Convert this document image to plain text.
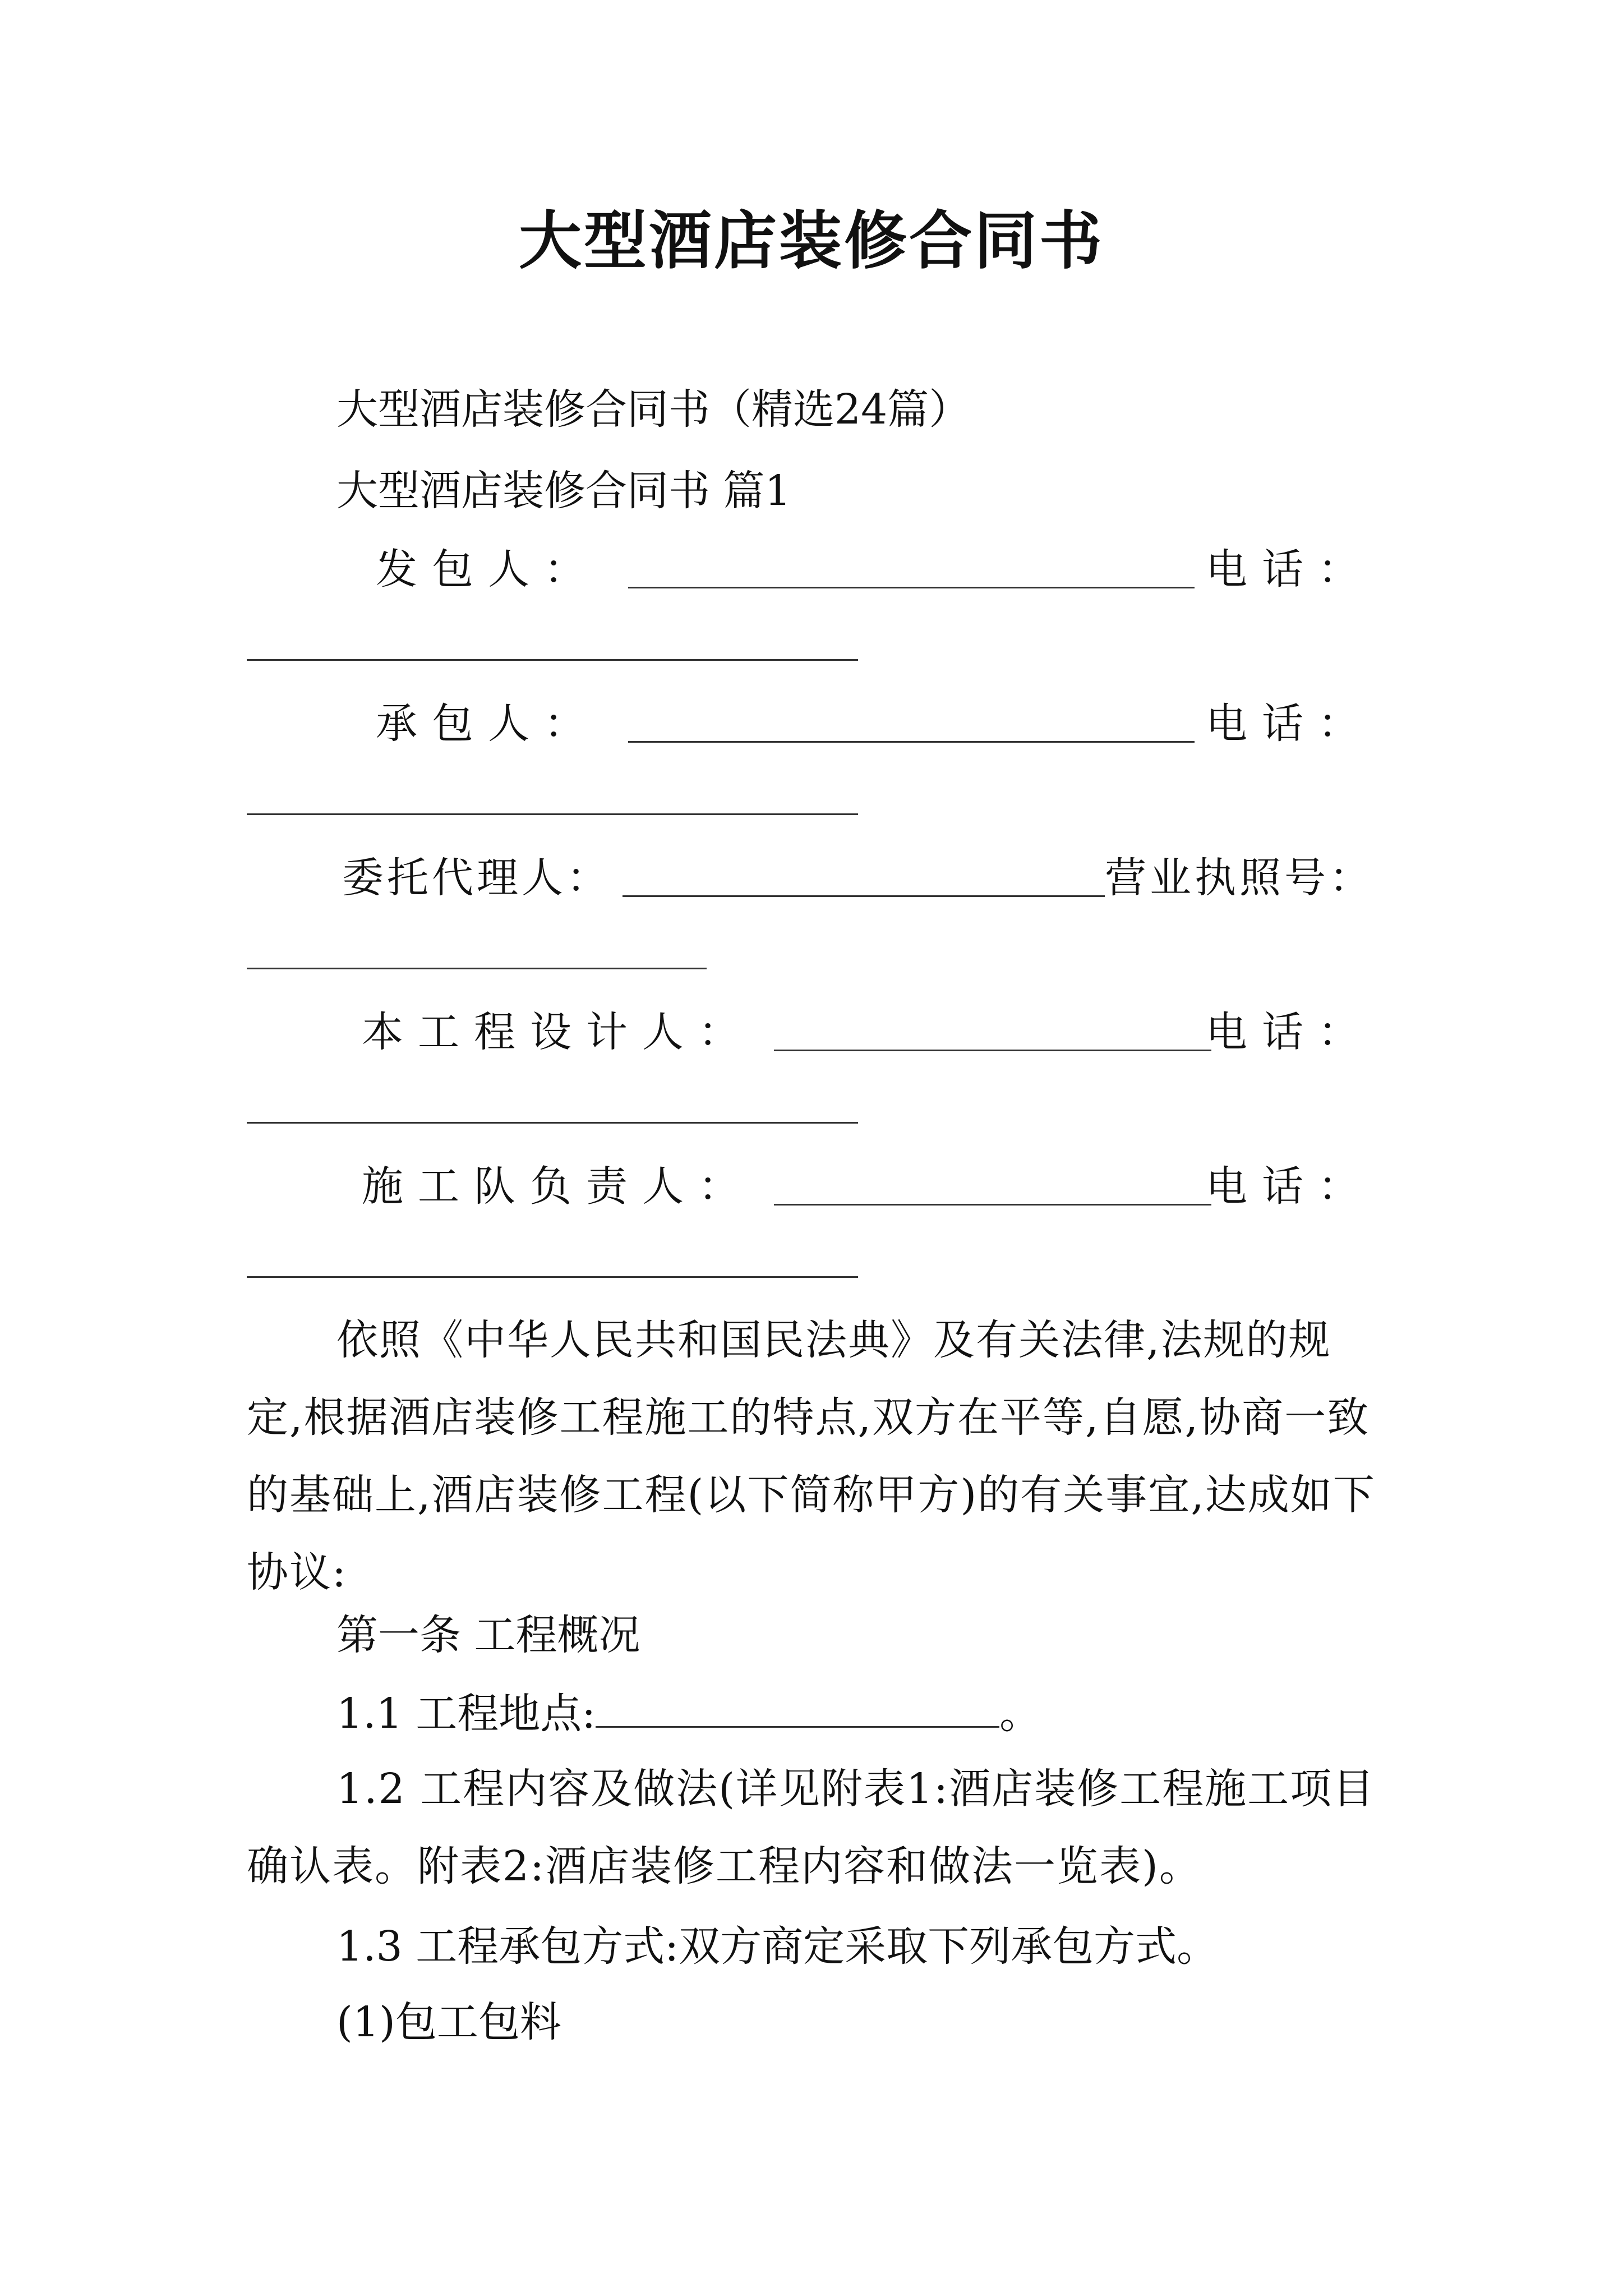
大型酒店装修合同书
大型酒店装修合同书（精选24篇）
大型酒店装修合同书 篇1
发包人：	电话：
承包人：	电话：
委托代理人：	营业执照号：
本工程设计人：	电话：
施工队负责人：	电话：
依照《中华人民共和国民法典》及有关法律,法规的规定,根据酒店装修工程施工的特点,双方在平等,自愿,协商一致的基础上,酒店装修工程(以下简称甲方)的有关事宜,达成如下协议:
第一条 工程概况
1.1 工程地点:	。
1.2 工程内容及做法(详见附表1:酒店装修工程施工项目确认表。附表2:酒店装修工程内容和做法一览表)。
1.3 工程承包方式:双方商定采取下列承包方式。
(1)包工包料
